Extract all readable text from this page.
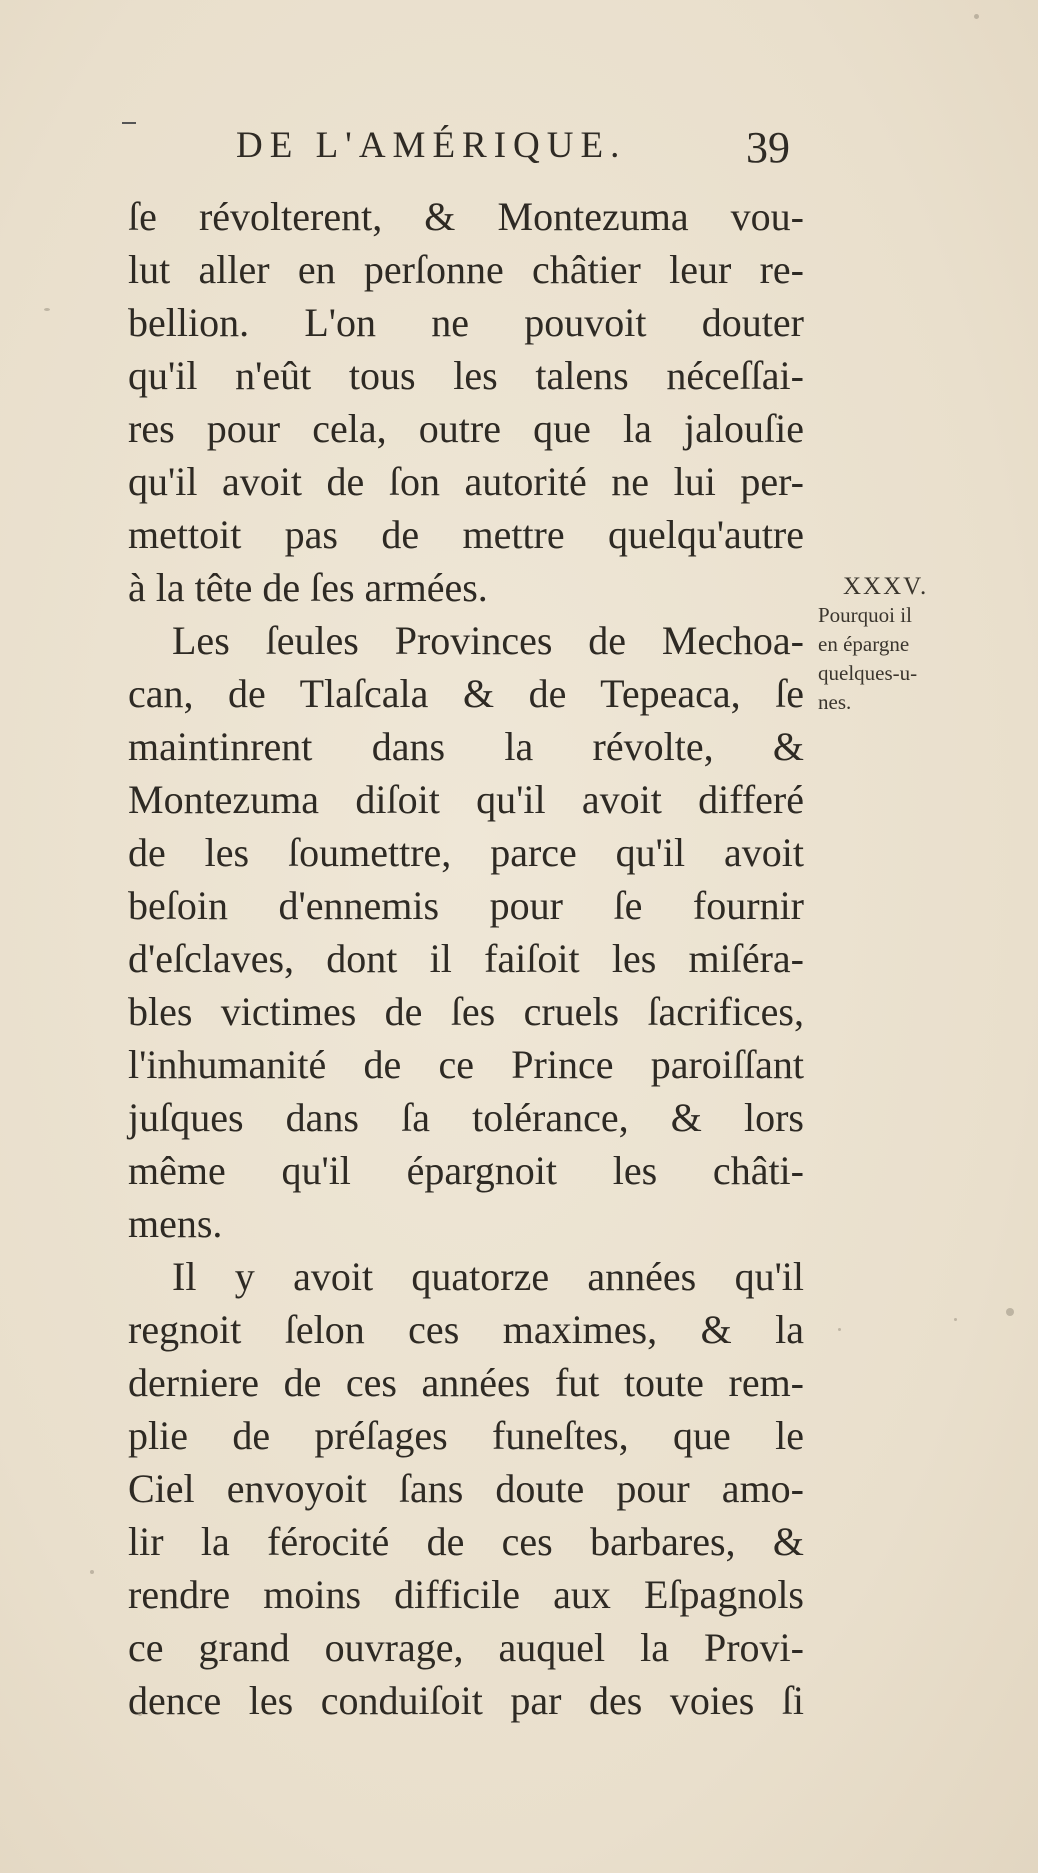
DE L'AMÉRIQUE.	39
ſe révolterent, & Montezuma vou-
lut aller en perſonne châtier leur re-
bellion. L'on ne pouvoit douter
qu'il n'eût tous les talens néceſſai-
res pour cela, outre que la jalouſie
qu'il avoit de ſon autorité ne lui per-
mettoit pas de mettre quelqu'autre
à la tête de ſes armées.
Les ſeules Provinces de Mechoa-
can, de Tlaſcala & de Tepeaca, ſe
maintinrent dans la révolte, &
Montezuma diſoit qu'il avoit differé
de les ſoumettre, parce qu'il avoit
beſoin d'ennemis pour ſe fournir
d'eſclaves, dont il faiſoit les miſéra-
bles victimes de ſes cruels ſacrifices,
l'inhumanité de ce Prince paroiſſant
juſques dans ſa tolérance, & lors
même qu'il épargnoit les châti-
mens.
Il y avoit quatorze années qu'il
regnoit ſelon ces maximes, & la
derniere de ces années fut toute rem-
plie de préſages funeſtes, que le
Ciel envoyoit ſans doute pour amo-
lir la férocité de ces barbares, &
rendre moins difficile aux Eſpagnols
ce grand ouvrage, auquel la Provi-
dence les conduiſoit par des voies ſi
XXXV.
Pourquoi il
en épargne
quelques-u-
nes.
